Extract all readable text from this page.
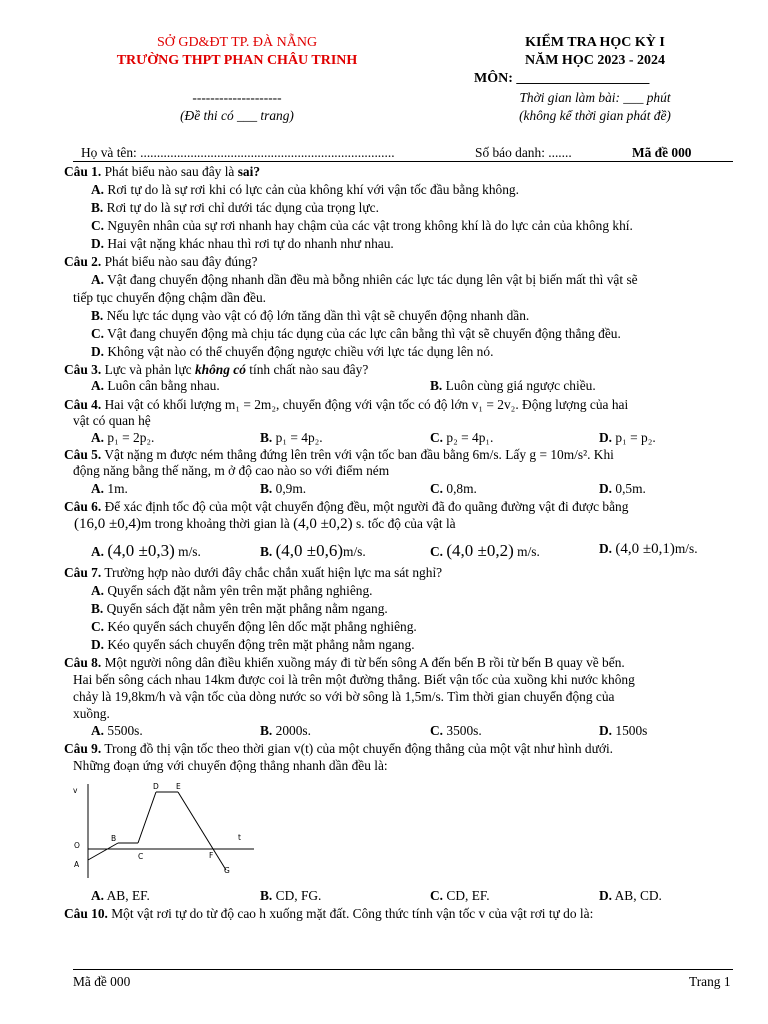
SỞ GD&ĐT TP. ĐÀ NẴNG
TRƯỜNG THPT PHAN CHÂU TRINH
--------------------
(Đề thi có ___ trang)
KIỂM TRA HỌC KỲ I
NĂM HỌC 2023 - 2024
MÔN: ___________________
Thời gian làm bài: ___ phút
(không kể thời gian phát đề)
Họ và tên: ............................................................................	Số báo danh: .......	Mã đề 000
Câu 1. Phát biểu nào sau đây là sai?
A. Rơi tự do là sự rơi khi có lực cản của không khí với vận tốc đầu bằng không.
B. Rơi tự do là sự rơi chỉ dưới tác dụng của trọng lực.
C. Nguyên nhân của sự rơi nhanh hay chậm của các vật trong không khí là do lực cản của không khí.
D. Hai vật nặng khác nhau thì rơi tự do nhanh như nhau.
Câu 2. Phát biểu nào sau đây đúng?
A. Vật đang chuyển động nhanh dần đều mà bỗng nhiên các lực tác dụng lên vật bị biến mất thì vật sẽ
tiếp tục chuyển động chậm dần đều.
B. Nếu lực tác dụng vào vật có độ lớn tăng dần thì vật sẽ chuyển động nhanh dần.
C. Vật đang chuyển động mà chịu tác dụng của các lực cân bằng thì vật sẽ chuyển động thẳng đều.
D. Không vật nào có thể chuyển động ngược chiều với lực tác dụng lên nó.
Câu 3. Lực và phản lực không có tính chất nào sau đây?
A. Luôn cân bằng nhau.	B. Luôn cùng giá ngược chiều.
Câu 4. Hai vật có khối lượng m₁ = 2m₂, chuyển động với vận tốc có độ lớn v₁ = 2v₂. Động lượng của hai
vật có quan hệ
A. p₁ = 2p₂.	B. p₁ = 4p₂.	C. p₂ = 4p₁.	D. p₁ = p₂.
Câu 5. Vật nặng m được ném thẳng đứng lên trên với vận tốc ban đầu bằng 6m/s. Lấy g = 10m/s². Khi
động năng bằng thế năng, m ở độ cao nào so với điểm ném
A. 1m.	B. 0,9m.	C. 0,8m.	D. 0,5m.
Câu 6. Để xác định tốc độ của một vật chuyển động đều, một người đã đo quãng đường vật đi được bằng
(16,0 ±0,4)m trong khoảng thời gian là (4,0 ±0,2) s. tốc độ của vật là
A. (4,0 ±0,3) m/s.	B. (4,0 ±0,6)m/s.	C. (4,0 ±0,2) m/s.	D. (4,0 ±0,1)m/s.
Câu 7. Trường hợp nào dưới đây chắc chắn xuất hiện lực ma sát nghỉ?
A. Quyển sách đặt nằm yên trên mặt phẳng nghiêng.
B. Quyển sách đặt nằm yên trên mặt phẳng nằm ngang.
C. Kéo quyển sách chuyển động lên dốc mặt phẳng nghiêng.
D. Kéo quyển sách chuyển động trên mặt phẳng nằm ngang.
Câu 8. Một người nông dân điều khiển xuồng máy đi từ bến sông A đến bến B rồi từ bến B quay về bến.
Hai bến sông cách nhau 14km được coi là trên một đường thẳng. Biết vận tốc của xuồng khi nước không
chảy là 19,8km/h và vận tốc của dòng nước so với bờ sông là 1,5m/s. Tìm thời gian chuyển động của
xuồng.
A. 5500s.	B. 2000s.	C. 3500s.	D. 1500s
Câu 9. Trong đồ thị vận tốc theo thời gian v(t) của một chuyển động thẳng của một vật như hình dưới.
Những đoạn ứng với chuyển động thẳng nhanh dần đều là:
v
t
O
A
B
C
D E
F
G
A. AB, EF.	B. CD, FG.	C. CD, EF.	D. AB, CD.
Câu 10. Một vật rơi tự do từ độ cao h xuống mặt đất. Công thức tính vận tốc v của vật rơi tự do là:
Mã đề 000	Trang 1
